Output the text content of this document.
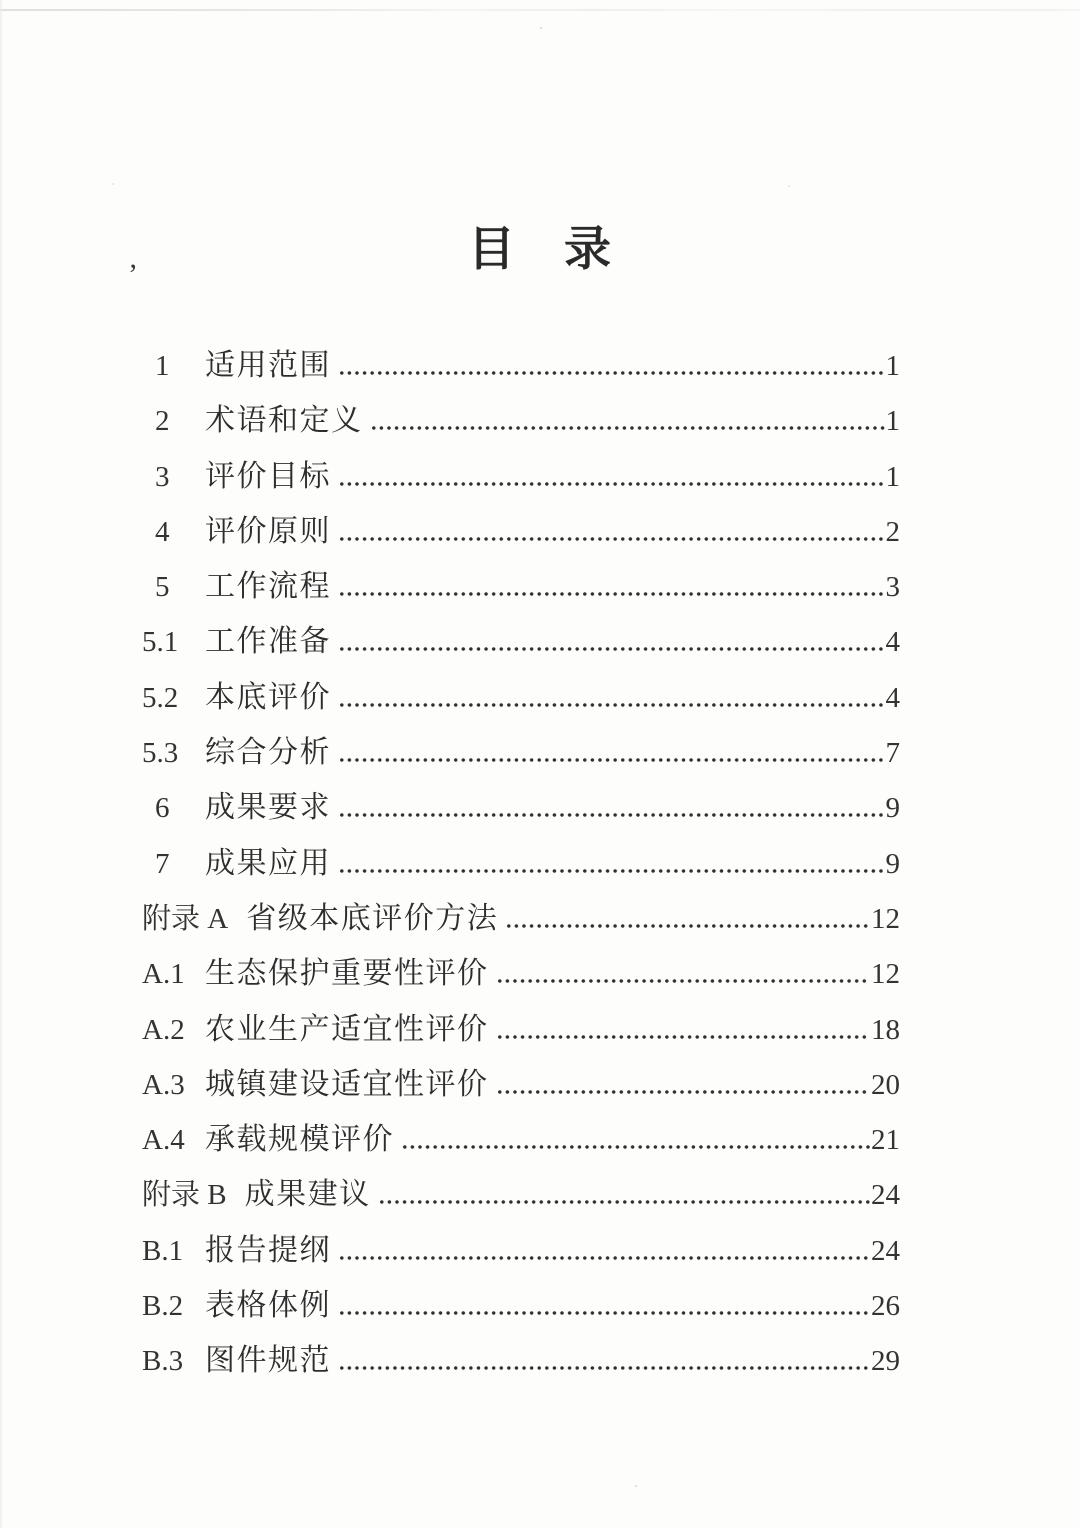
目　录
’
1	适用范围	1
2	术语和定义	1
3	评价目标	1
4	评价原则	2
5	工作流程	3
5.1 工作准备	4
5.2 本底评价	4
5.3 综合分析	7
6	成果要求	9
7	成果应用	9
附录 A 省级本底评价方法	12
A.1 生态保护重要性评价	12
A.2 农业生产适宜性评价	18
A.3 城镇建设适宜性评价	20
A.4 承载规模评价	21
附录 B 成果建议	24
B.1 报告提纲	24
B.2 表格体例	26
B.3 图件规范	29
